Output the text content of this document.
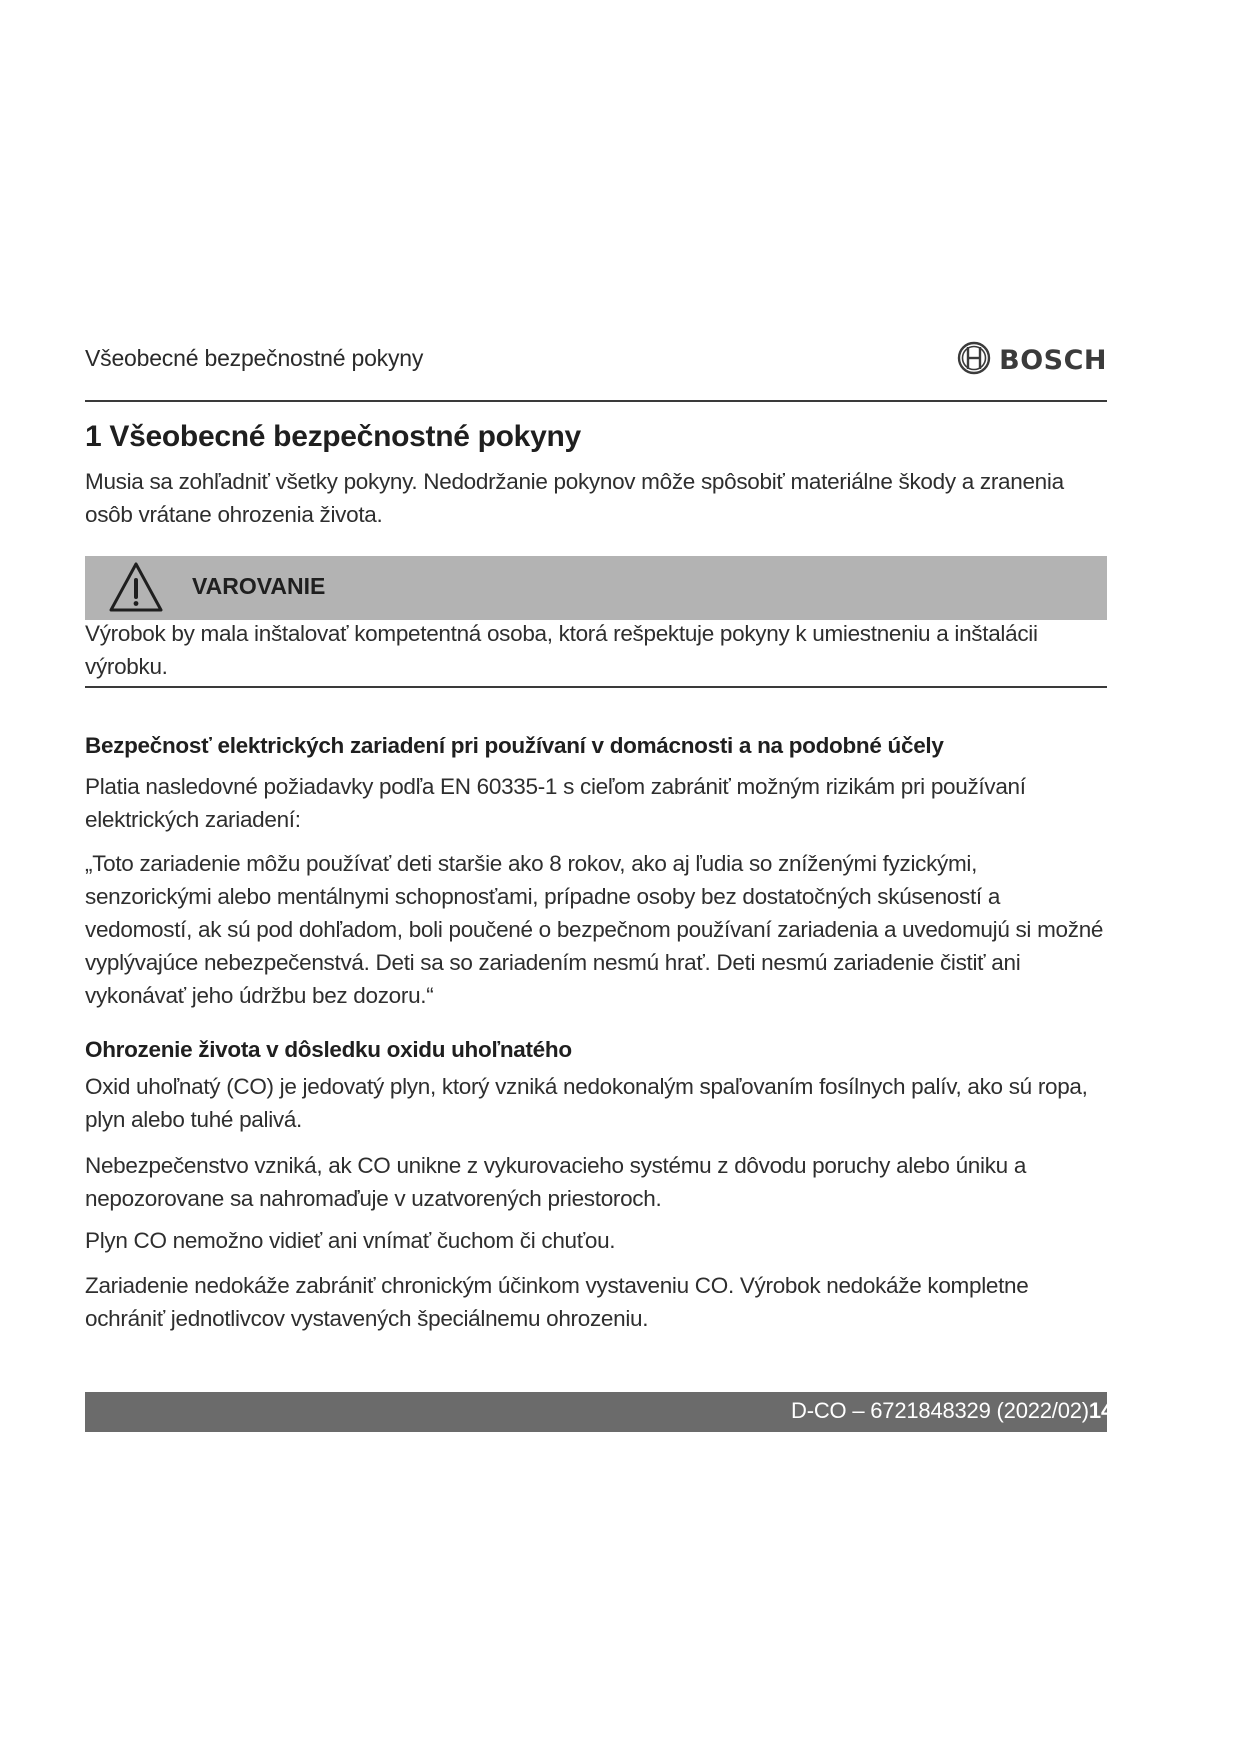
Všeobecné bezpečnostné pokyny	BOSCH
1 Všeobecné bezpečnostné pokyny

Musia sa zohľadniť všetky pokyny. Nedodržanie pokynov môže spôsobiť materiálne škody a zranenia osôb vrátane ohrozenia života.

VAROVANIE

Výrobok by mala inštalovať kompetentná osoba, ktorá rešpektuje pokyny k umiestneniu a inštalácii výrobku.

Bezpečnosť elektrických zariadení pri používaní v domácnosti a na podobné účely

Platia nasledovné požiadavky podľa EN 60335-1 s cieľom zabrániť možným rizikám pri používaní elektrických zariadení:

„Toto zariadenie môžu používať deti staršie ako 8 rokov, ako aj ľudia so zníženými fyzickými, senzorickými alebo mentálnymi schopnosťami, prípadne osoby bez dostatočných skúseností a vedomostí, ak sú pod dohľadom, boli poučené o bezpečnom používaní zariadenia a uvedomujú si možné vyplývajúce nebezpečenstvá. Deti sa so zariadením nesmú hrať. Deti nesmú zariadenie čistiť ani vykonávať jeho údržbu bez dozoru.“

Ohrozenie života v dôsledku oxidu uhoľnatého

Oxid uhoľnatý (CO) je jedovatý plyn, ktorý vzniká nedokonalým spaľovaním fosílnych palív, ako sú ropa, plyn alebo tuhé palivá.

Nebezpečenstvo vzniká, ak CO unikne z vykurovacieho systému z dôvodu poruchy alebo úniku a nepozorovane sa nahromaďuje v uzatvorených priestoroch.

Plyn CO nemožno vidieť ani vnímať čuchom či chuťou.

Zariadenie nedokáže zabrániť chronickým účinkom vystaveniu CO. Výrobok nedokáže kompletne ochrániť jednotlivcov vystavených špeciálnemu ohrozeniu.

D-CO – 6721848329 (2022/02)14
